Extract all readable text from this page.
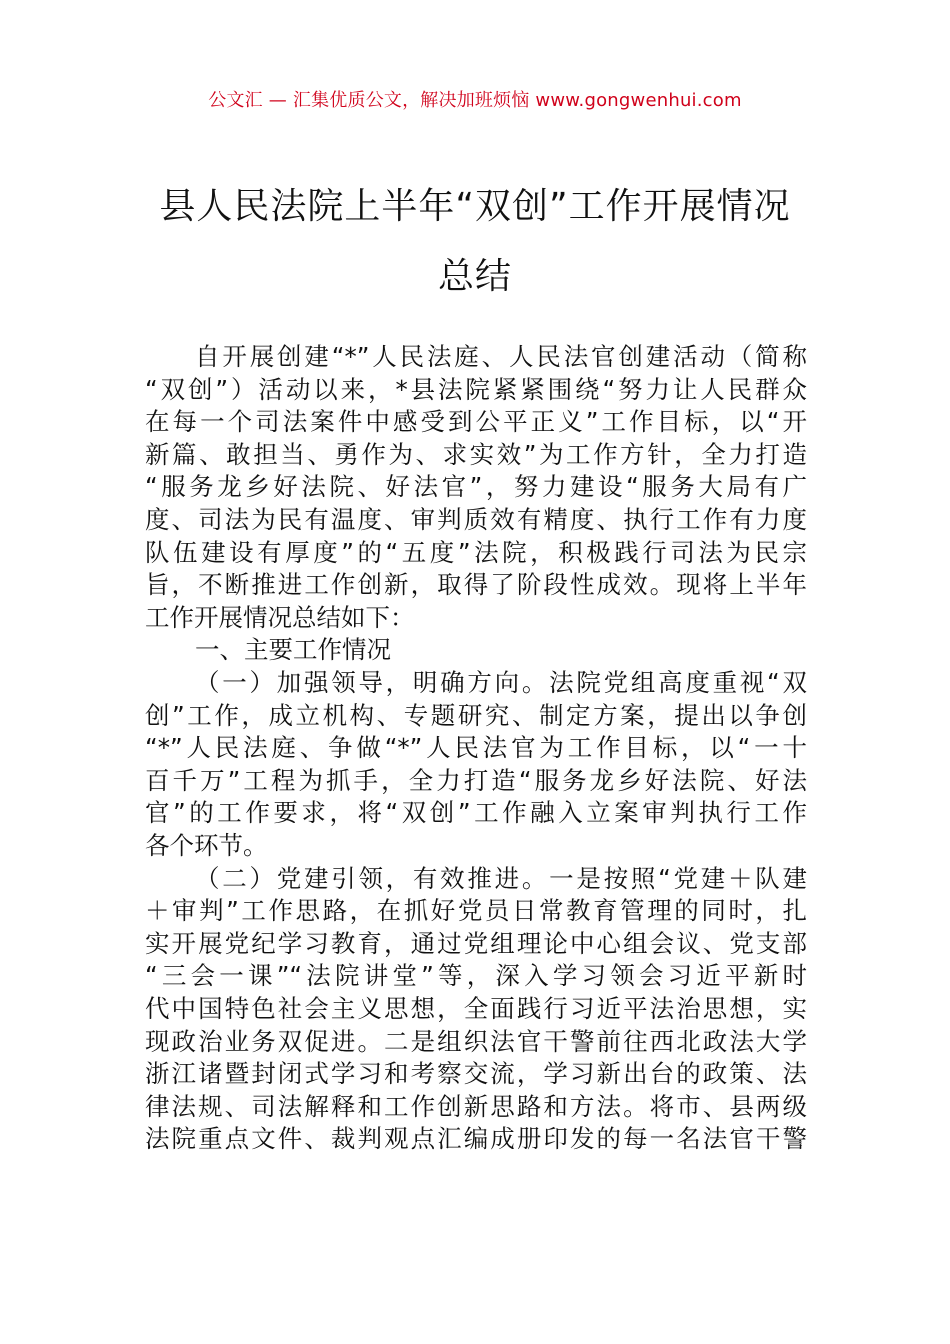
公文汇 — 汇集优质公文，解决加班烦恼 www.gongwenhui.com
县人民法院上半年“双创”工作开展情况
总结
自开展创建“*”人民法庭、人民法官创建活动（简称
“双创”）活动以来，*县法院紧紧围绕“努力让人民群众
在每一个司法案件中感受到公平正义”工作目标，以“开
新篇、敢担当、勇作为、求实效”为工作方针，全力打造
“服务龙乡好法院、好法官”，努力建设“服务大局有广
度、司法为民有温度、审判质效有精度、执行工作有力度
队伍建设有厚度”的“五度”法院，积极践行司法为民宗
旨，不断推进工作创新，取得了阶段性成效。现将上半年
工作开展情况总结如下：
一、主要工作情况
（一）加强领导，明确方向。法院党组高度重视“双
创”工作，成立机构、专题研究、制定方案，提出以争创
“*”人民法庭、争做“*”人民法官为工作目标，以“一十
百千万”工程为抓手，全力打造“服务龙乡好法院、好法
官”的工作要求，将“双创”工作融入立案审判执行工作
各个环节。
（二）党建引领，有效推进。一是按照“党建＋队建
＋审判”工作思路，在抓好党员日常教育管理的同时，扎
实开展党纪学习教育，通过党组理论中心组会议、党支部
“三会一课”“法院讲堂”等，深入学习领会习近平新时
代中国特色社会主义思想，全面践行习近平法治思想，实
现政治业务双促进。二是组织法官干警前往西北政法大学
浙江诸暨封闭式学习和考察交流，学习新出台的政策、法
律法规、司法解释和工作创新思路和方法。将市、县两级
法院重点文件、裁判观点汇编成册印发的每一名法官干警
